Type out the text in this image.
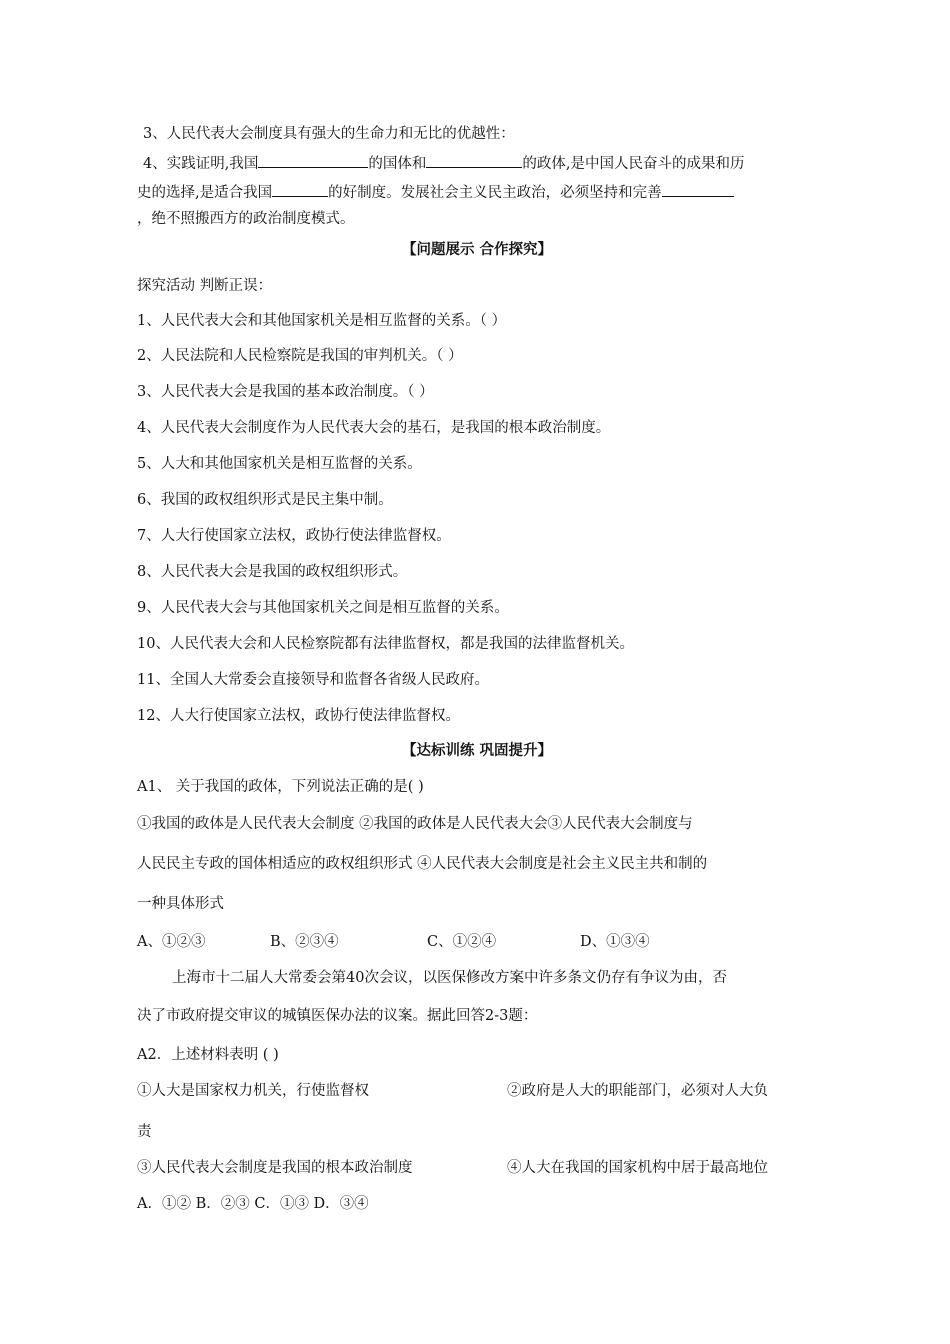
3、人民代表大会制度具有强大的生命力和无比的优越性：
4、实践证明,我国	的国体和	的政体,是中国人民奋斗的成果和历
史的选择,是适合我国	的好制度。发展社会主义民主政治，必须坚持和完善
，绝不照搬西方的政治制度模式。
【问题展示 合作探究】
探究活动 判断正误：
1、人民代表大会和其他国家机关是相互监督的关系。（ ）
2、人民法院和人民检察院是我国的审判机关。（ ）
3、人民代表大会是我国的基本政治制度。（ ）
4、人民代表大会制度作为人民代表大会的基石，是我国的根本政治制度。
5、人大和其他国家机关是相互监督的关系。
6、我国的政权组织形式是民主集中制。
7、人大行使国家立法权，政协行使法律监督权。
8、人民代表大会是我国的政权组织形式。
9、人民代表大会与其他国家机关之间是相互监督的关系。
10、人民代表大会和人民检察院都有法律监督权，都是我国的法律监督机关。
11、全国人大常委会直接领导和监督各省级人民政府。
12、人大行使国家立法权，政协行使法律监督权。
【达标训练 巩固提升】
A1、 关于我国的政体，下列说法正确的是( )
①我国的政体是人民代表大会制度 ②我国的政体是人民代表大会③人民代表大会制度与
人民民主专政的国体相适应的政权组织形式 ④人民代表大会制度是社会主义民主共和制的
一种具体形式
A、①②③	B、②③④	C、①②④	D、①③④
上海市十二届人大常委会第40次会议，以医保修改方案中许多条文仍存有争议为由，否
决了市政府提交审议的城镇医保办法的议案。据此回答2-3题：
A2．上述材料表明 ( )
①人大是国家权力机关，行使监督权	②政府是人大的职能部门，必须对人大负
责
③人民代表大会制度是我国的根本政治制度	④人大在我国的国家机构中居于最高地位
A．①② B．②③ C．①③ D．③④
